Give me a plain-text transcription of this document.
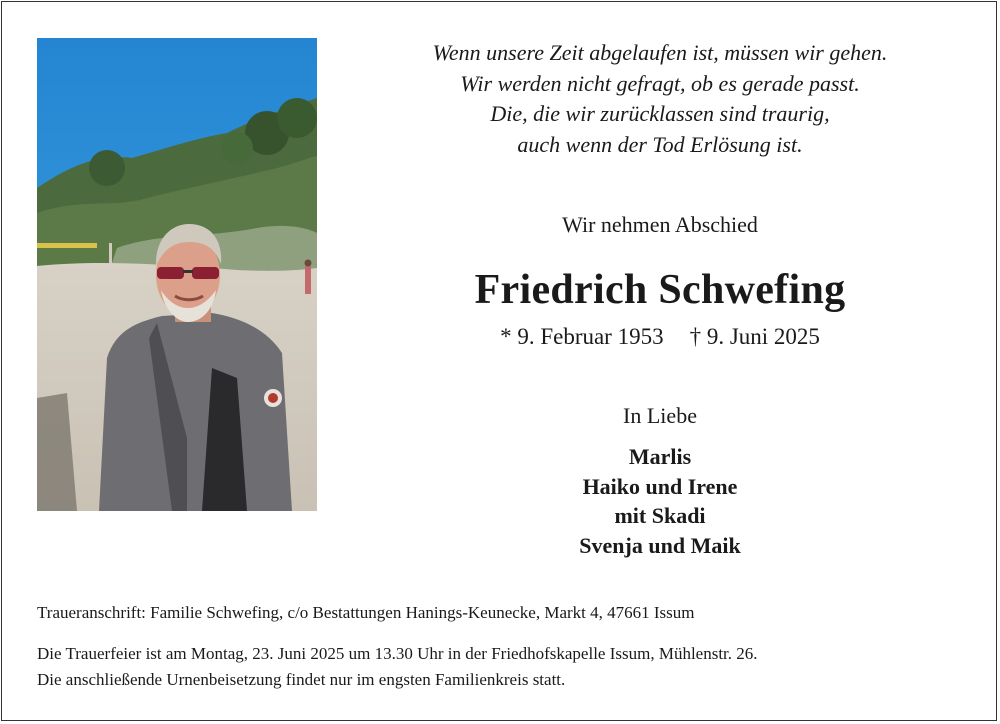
Wenn unsere Zeit abgelaufen ist, müssen wir gehen.
Wir werden nicht gefragt, ob es gerade passt.
Die, die wir zurücklassen sind traurig,
auch wenn der Tod Erlösung ist.
Wir nehmen Abschied
Friedrich Schwefing
* 9. Februar 1953 † 9. Juni 2025
In Liebe
Marlis
Haiko und Irene
mit Skadi
Svenja und Maik
Traueranschrift: Familie Schwefing, c/o Bestattungen Hanings-Keunecke, Markt 4, 47661 Issum
Die Trauerfeier ist am Montag, 23. Juni 2025 um 13.30 Uhr in der Friedhofskapelle Issum, Mühlenstr. 26.
Die anschließende Urnenbeisetzung findet nur im engsten Familienkreis statt.
